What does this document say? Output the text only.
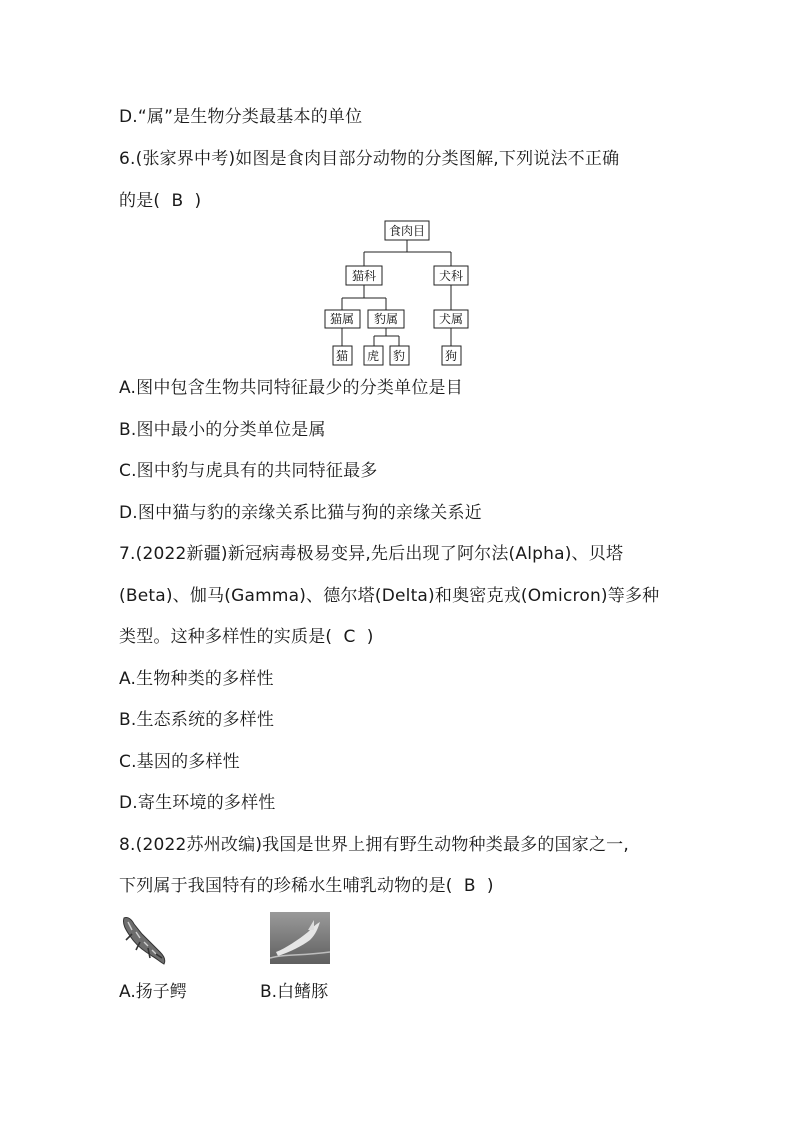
D.“属”是生物分类最基本的单位
6.(张家界中考)如图是食肉目部分动物的分类图解,下列说法不正确
的是(  B  )
食肉目
猫科	犬科
猫属 豹属	犬属
猫 虎 豹	狗
A.图中包含生物共同特征最少的分类单位是目
B.图中最小的分类单位是属
C.图中豹与虎具有的共同特征最多
D.图中猫与豹的亲缘关系比猫与狗的亲缘关系近
7.(2022新疆)新冠病毒极易变异,先后出现了阿尔法(Alpha)、贝塔
(Beta)、伽马(Gamma)、德尔塔(Delta)和奥密克戎(Omicron)等多种
类型。这种多样性的实质是(  C  )
A.生物种类的多样性
B.生态系统的多样性
C.基因的多样性
D.寄生环境的多样性
8.(2022苏州改编)我国是世界上拥有野生动物种类最多的国家之一,
下列属于我国特有的珍稀水生哺乳动物的是(  B  )
A.扬子鳄	B.白鳍豚
